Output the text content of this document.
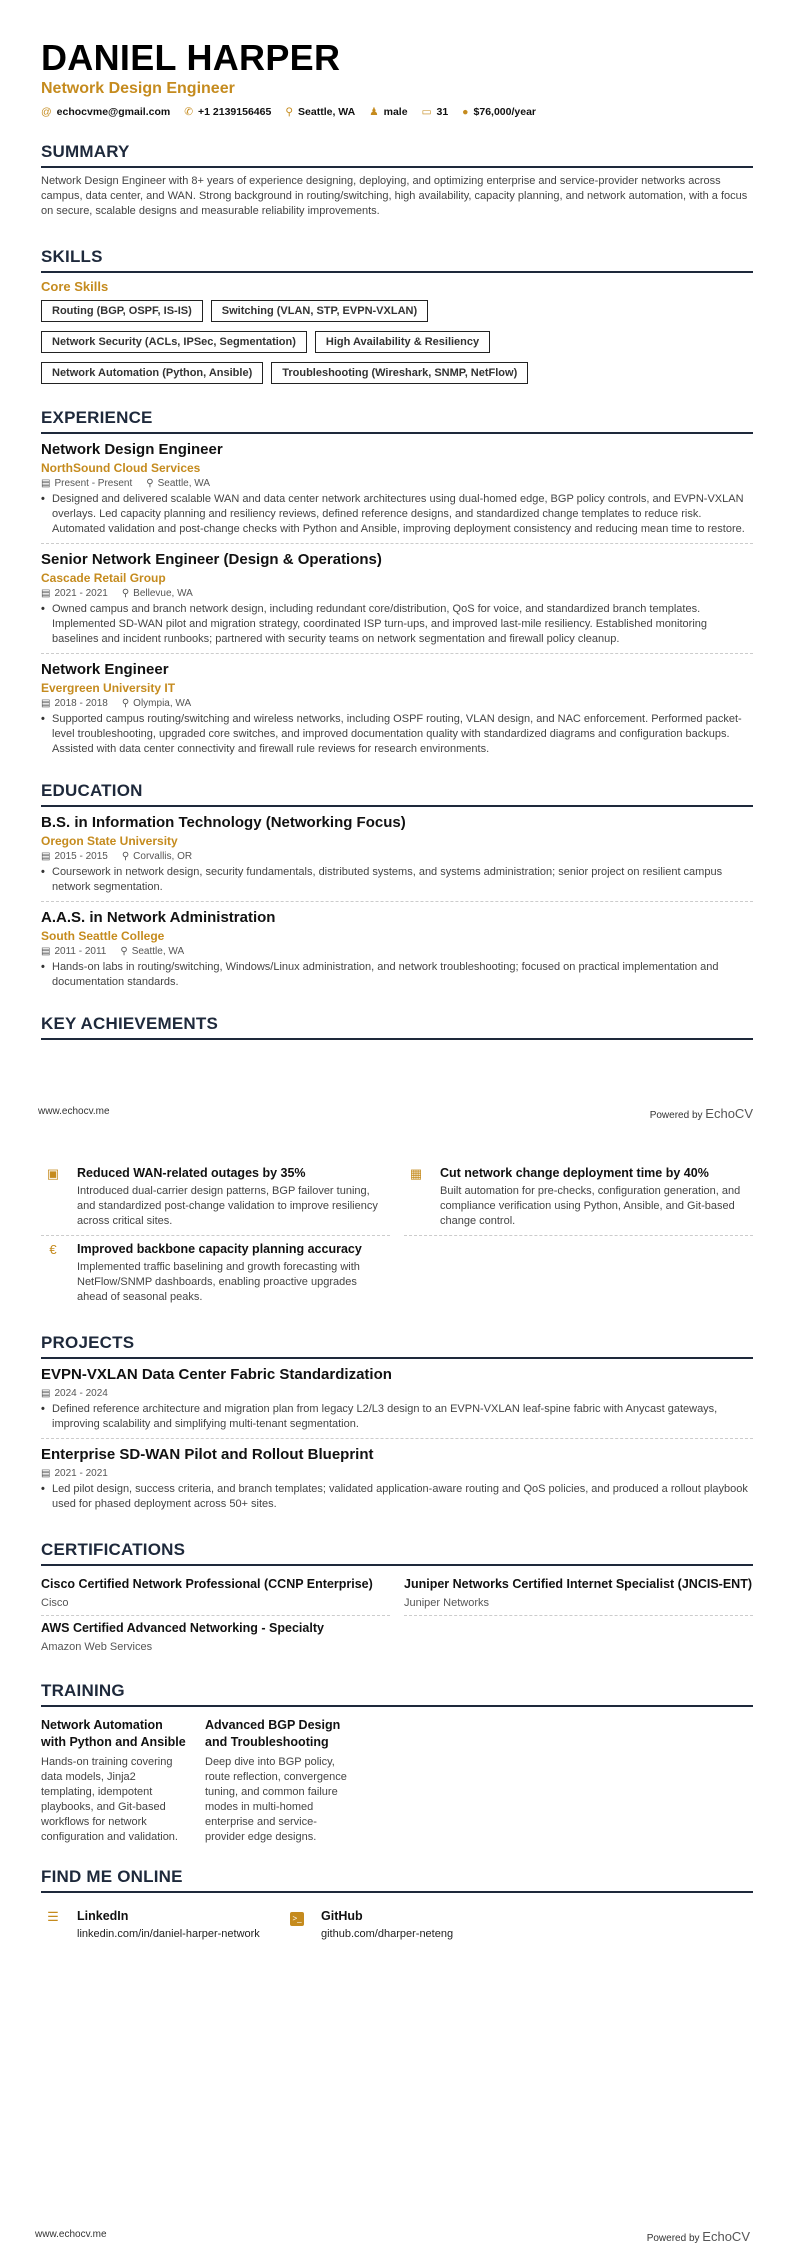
DANIEL HARPER
Network Design Engineer
@ echocvme@gmail.com ✆ +1 2139156465 ⚲ Seattle, WA ♟ male ▭ 31 ● $76,000/year
SUMMARY
Network Design Engineer with 8+ years of experience designing, deploying, and optimizing enterprise and service-provider networks across campus, data center, and WAN. Strong background in routing/switching, high availability, capacity planning, and network automation, with a focus on secure, scalable designs and measurable reliability improvements.
SKILLS
Core Skills
Routing (BGP, OSPF, IS-IS)	Switching (VLAN, STP, EVPN-VXLAN)
Network Security (ACLs, IPSec, Segmentation)	High Availability & Resiliency
Network Automation (Python, Ansible)	Troubleshooting (Wireshark, SNMP, NetFlow)
EXPERIENCE
Network Design Engineer
NorthSound Cloud Services
▤ Present - Present ⚲ Seattle, WA
• Designed and delivered scalable WAN and data center network architectures using dual-homed edge, BGP policy controls, and EVPN-VXLAN overlays. Led capacity planning and resiliency reviews, defined reference designs, and standardized change templates to reduce risk. Automated validation and post-change checks with Python and Ansible, improving deployment consistency and reducing mean time to restore.
Senior Network Engineer (Design & Operations)
Cascade Retail Group
▤ 2021 - 2021 ⚲ Bellevue, WA
• Owned campus and branch network design, including redundant core/distribution, QoS for voice, and standardized branch templates. Implemented SD-WAN pilot and migration strategy, coordinated ISP turn-ups, and improved last-mile resiliency. Established monitoring baselines and incident runbooks; partnered with security teams on network segmentation and firewall policy cleanup.
Network Engineer
Evergreen University IT
▤ 2018 - 2018 ⚲ Olympia, WA
• Supported campus routing/switching and wireless networks, including OSPF routing, VLAN design, and NAC enforcement. Performed packet-level troubleshooting, upgraded core switches, and improved documentation quality with standardized diagrams and configuration backups. Assisted with data center connectivity and firewall rule reviews for research environments.
EDUCATION
B.S. in Information Technology (Networking Focus)
Oregon State University
▤ 2015 - 2015 ⚲ Corvallis, OR
• Coursework in network design, security fundamentals, distributed systems, and systems administration; senior project on resilient campus network segmentation.
A.A.S. in Network Administration
South Seattle College
▤ 2011 - 2011 ⚲ Seattle, WA
• Hands-on labs in routing/switching, Windows/Linux administration, and network troubleshooting; focused on practical implementation and documentation standards.
KEY ACHIEVEMENTS
▣	Reduced WAN-related outages by 35%
Introduced dual-carrier design patterns, BGP failover tuning, and standardized post-change validation to improve resiliency across critical sites.
▦	Cut network change deployment time by 40%
Built automation for pre-checks, configuration generation, and compliance verification using Python, Ansible, and Git-based change control.
€	Improved backbone capacity planning accuracy
Implemented traffic baselining and growth forecasting with NetFlow/SNMP dashboards, enabling proactive upgrades ahead of seasonal peaks.
PROJECTS
EVPN-VXLAN Data Center Fabric Standardization
▤ 2024 - 2024
• Defined reference architecture and migration plan from legacy L2/L3 design to an EVPN-VXLAN leaf-spine fabric with Anycast gateways, improving scalability and simplifying multi-tenant segmentation.
Enterprise SD-WAN Pilot and Rollout Blueprint
▤ 2021 - 2021
• Led pilot design, success criteria, and branch templates; validated application-aware routing and QoS policies, and produced a rollout playbook used for phased deployment across 50+ sites.
CERTIFICATIONS
Cisco Certified Network Professional (CCNP Enterprise)
Cisco
Juniper Networks Certified Internet Specialist (JNCIS-ENT)
Juniper Networks
AWS Certified Advanced Networking - Specialty
Amazon Web Services
TRAINING
Network Automation with Python and Ansible
Hands-on training covering data models, Jinja2 templating, idempotent playbooks, and Git-based workflows for network configuration and validation.
Advanced BGP Design and Troubleshooting
Deep dive into BGP policy, route reflection, convergence tuning, and common failure modes in multi-homed enterprise and service-provider edge designs.
FIND ME ONLINE
☰	LinkedIn
linkedin.com/in/daniel-harper-network
>_	GitHub
github.com/dharper-neteng
www.echocv.me	Powered by EchoCV
www.echocv.me	Powered by EchoCV
